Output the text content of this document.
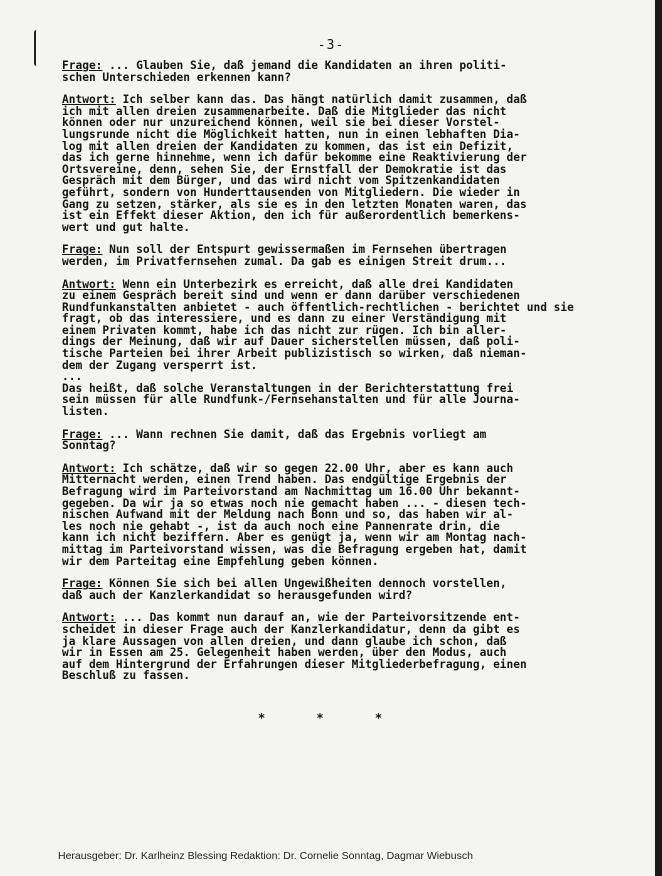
-3-
Frage: ... Glauben Sie, daß jemand die Kandidaten an ihren politi-
schen Unterschieden erkennen kann?
Antwort: Ich selber kann das. Das hängt natürlich damit zusammen, daß
ich mit allen dreien zusammenarbeite. Daß die Mitglieder das nicht
können oder nur unzureichend können, weil sie bei dieser Vorstel-
lungsrunde nicht die Möglichkeit hatten, nun in einen lebhaften Dia-
log mit allen dreien der Kandidaten zu kommen, das ist ein Defizit,
das ich gerne hinnehme, wenn ich dafür bekomme eine Reaktivierung der
Ortsvereine, denn, sehen Sie, der Ernstfall der Demokratie ist das
Gespräch mit dem Bürger, und das wird nicht vom Spitzenkandidaten
geführt, sondern von Hunderttausenden von Mitgliedern. Die wieder in
Gang zu setzen, stärker, als sie es in den letzten Monaten waren, das
ist ein Effekt dieser Aktion, den ich für außerordentlich bemerkens-
wert und gut halte.
Frage: Nun soll der Entspurt gewissermaßen im Fernsehen übertragen
werden, im Privatfernsehen zumal. Da gab es einigen Streit drum...
Antwort: Wenn ein Unterbezirk es erreicht, daß alle drei Kandidaten
zu einem Gespräch bereit sind und wenn er dann darüber verschiedenen
Rundfunkanstalten anbietet - auch öffentlich-rechtlichen - berichtet und sie
fragt, ob das interessiere, und es dann zu einer Verständigung mit
einem Privaten kommt, habe ich das nicht zur rügen. Ich bin aller-
dings der Meinung, daß wir auf Dauer sicherstellen müssen, daß poli-
tische Parteien bei ihrer Arbeit publizistisch so wirken, daß nieman-
dem der Zugang versperrt ist.
...
Das heißt, daß solche Veranstaltungen in der Berichterstattung frei
sein müssen für alle Rundfunk-/Fernsehanstalten und für alle Journa-
listen.
Frage: ... Wann rechnen Sie damit, daß das Ergebnis vorliegt am
Sonntag?
Antwort: Ich schätze, daß wir so gegen 22.00 Uhr, aber es kann auch
Mitternacht werden, einen Trend haben. Das endgültige Ergebnis der
Befragung wird im Parteivorstand am Nachmittag um 16.00 Uhr bekannt-
gegeben. Da wir ja so etwas noch nie gemacht haben ... - diesen tech-
nischen Aufwand mit der Meldung nach Bonn und so, das haben wir al-
les noch nie gehabt -, ist da auch noch eine Pannenrate drin, die
kann ich nicht beziffern. Aber es genügt ja, wenn wir am Montag nach-
mittag im Parteivorstand wissen, was die Befragung ergeben hat, damit
wir dem Parteitag eine Empfehlung geben können.
Frage: Können Sie sich bei allen Ungewißheiten dennoch vorstellen,
daß auch der Kanzlerkandidat so herausgefunden wird?
Antwort: ... Das kommt nun darauf an, wie der Parteivorsitzende ent-
scheidet in dieser Frage auch der Kanzlerkandidatur, denn da gibt es
ja klare Aussagen von allen dreien, und dann glaube ich schon, daß
wir in Essen am 25. Gelegenheit haben werden, über den Modus, auch
auf dem Hintergrund der Erfahrungen dieser Mitgliederbefragung, einen
Beschluß zu fassen.
* * *
Herausgeber: Dr. Karlheinz Blessing Redaktion: Dr. Cornelie Sonntag, Dagmar Wiebusch
